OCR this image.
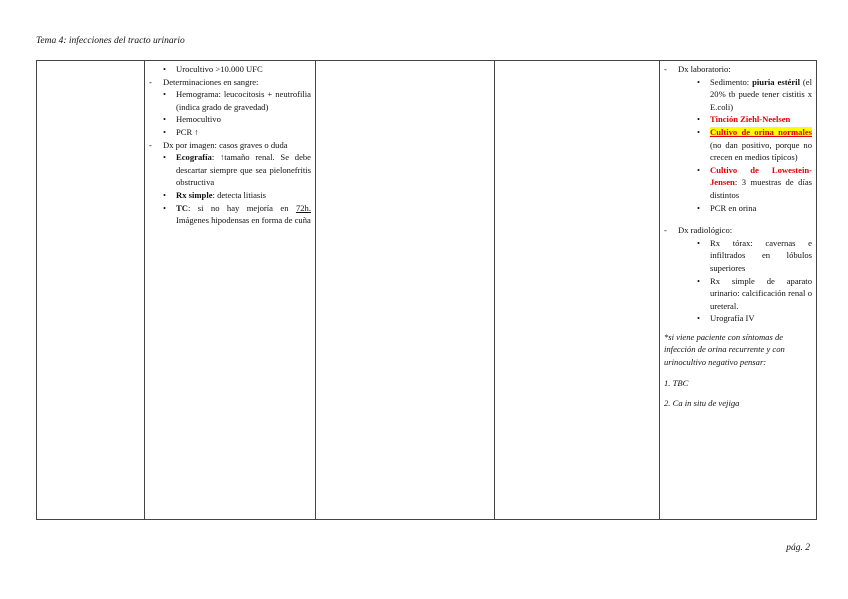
Tema 4: infecciones del tracto urinario

• Urocultivo >10.000 UFC
- Determinaciones en sangre:
• Hemograma: leucocitosis + neutrofilia (indica grado de gravedad)
• Hemocultivo
• PCR ↑
- Dx por imagen: casos graves o duda
• Ecografía: ↑tamaño renal. Se debe descartar siempre que sea pielonefritis obstructiva
• Rx simple: detecta litiasis
• TC: si no hay mejoría en 72h. Imágenes hipodensas en forma de cuña

- Dx laboratorio:
• Sedimento: piuria estéril (el 20% tb puede tener cistitis x E.coli)
• Tinción Ziehl-Neelsen
• Cultivo de orina normales (no dan positivo, porque no crecen en medios típicos)
• Cultivo de Lowestein-Jensen: 3 muestras de días distintos
• PCR en orina
- Dx radiológico:
• Rx tórax: cavernas e infiltrados en lóbulos superiores
• Rx simple de aparato urinario: calcificación renal o ureteral.
• Urografía IV
*si viene paciente con síntomas de infección de orina recurrente y con urinocultivo negativo pensar:
1. TBC
2. Ca in situ de vejiga
pág. 2
